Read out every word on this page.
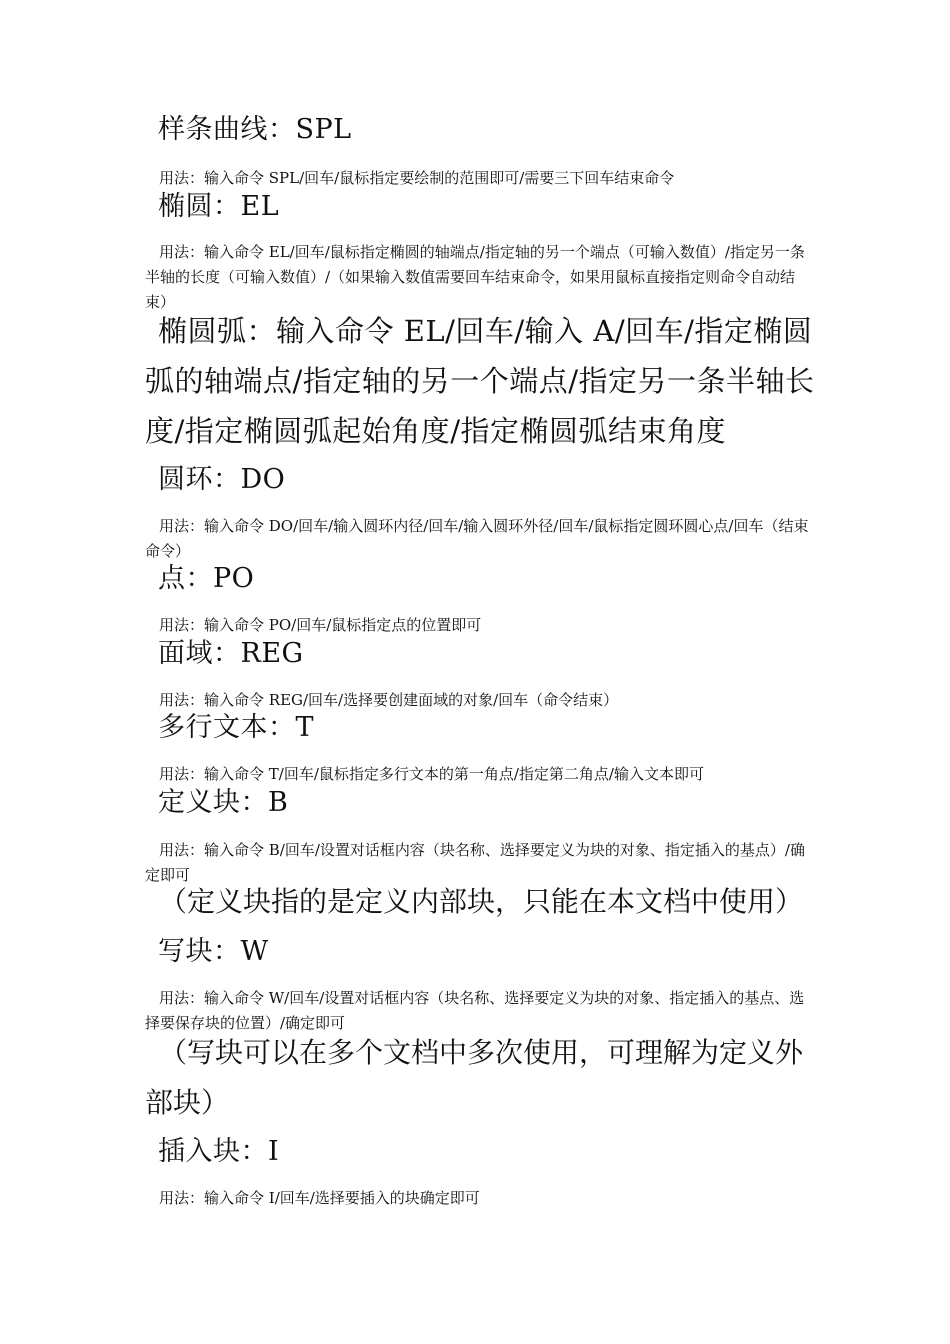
样条曲线：SPL
用法：输入命令 SPL/回车/鼠标指定要绘制的范围即可/需要三下回车结束命令
椭圆：EL
用法：输入命令 EL/回车/鼠标指定椭圆的轴端点/指定轴的另一个端点（可输入数值）/指定另一条半轴的长度（可输入数值）/（如果输入数值需要回车结束命令，如果用鼠标直接指定则命令自动结束）
椭圆弧：输入命令 EL/回车/输入 A/回车/指定椭圆弧的轴端点/指定轴的另一个端点/指定另一条半轴长度/指定椭圆弧起始角度/指定椭圆弧结束角度
圆环：DO
用法：输入命令 DO/回车/输入圆环内径/回车/输入圆环外径/回车/鼠标指定圆环圆心点/回车（结束命令）
点：PO
用法：输入命令 PO/回车/鼠标指定点的位置即可
面域：REG
用法：输入命令 REG/回车/选择要创建面域的对象/回车（命令结束）
多行文本：T
用法：输入命令 T/回车/鼠标指定多行文本的第一角点/指定第二角点/输入文本即可
定义块：B
用法：输入命令 B/回车/设置对话框内容（块名称、选择要定义为块的对象、指定插入的基点）/确定即可
（定义块指的是定义内部块，只能在本文档中使用）
写块：W
用法：输入命令 W/回车/设置对话框内容（块名称、选择要定义为块的对象、指定插入的基点、选择要保存块的位置）/确定即可
（写块可以在多个文档中多次使用，可理解为定义外部块）
插入块：I
用法：输入命令 I/回车/选择要插入的块确定即可
